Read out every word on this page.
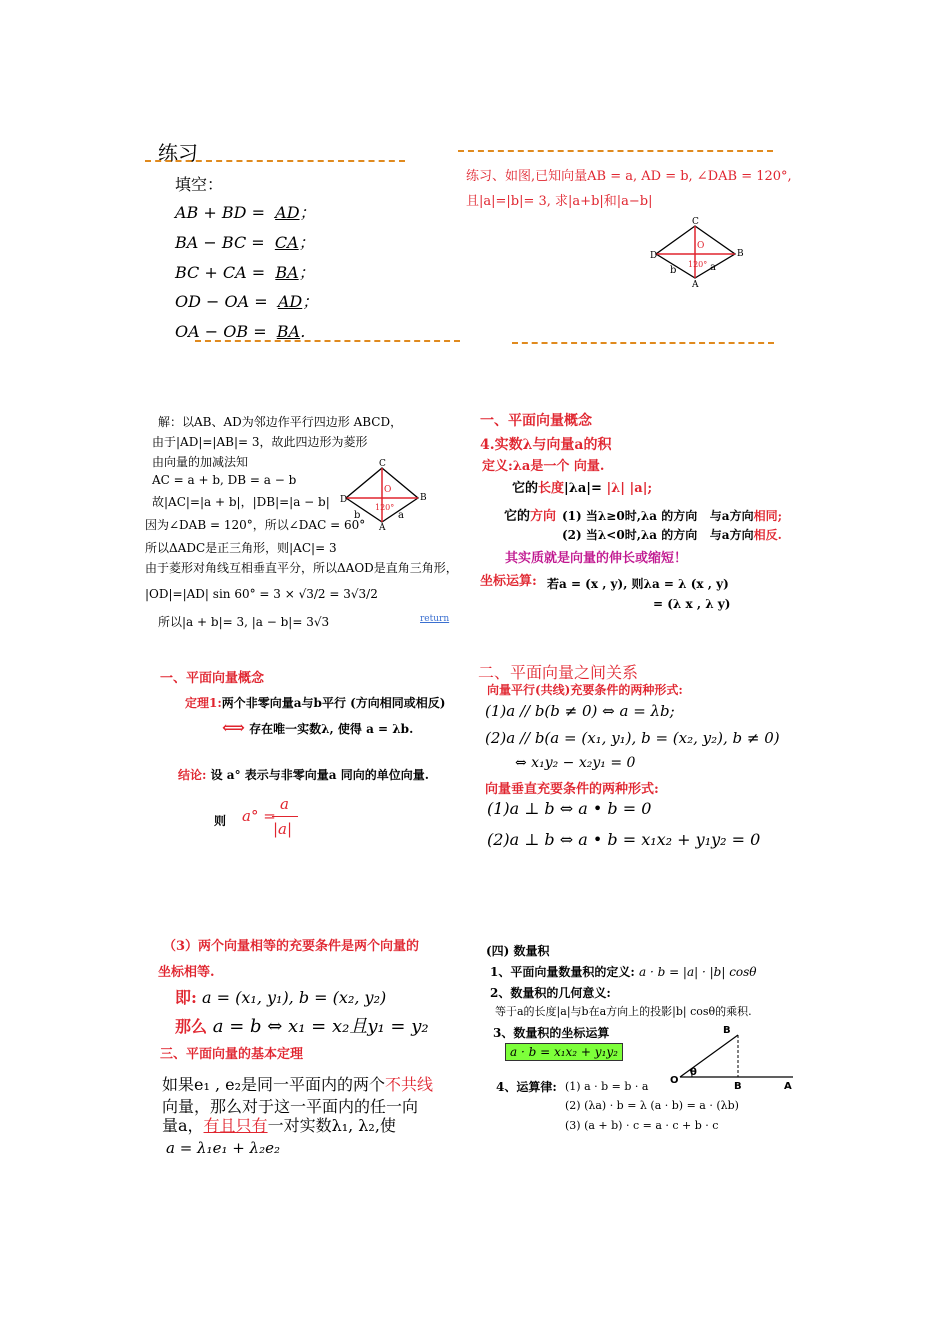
练习
填空：
AB + BD = AD；
BA − BC = CA；
BC + CA = BA；
OD − OA = AD；
OA − OB = BA．
练习、如图,已知向量AB = a, AD = b, ∠DAB = 120°,
且|a|=|b|= 3, 求|a+b|和|a−b|
C
D	B
A
O
120° a
b
解：以AB、AD为邻边作平行四边形 ABCD，
由于|AD|=|AB|= 3，故此四边形为菱形
由向量的加减法知
AC = a + b, DB = a − b
故|AC|=|a + b|，|DB|=|a − b|
因为∠DAB = 120°，所以∠DAC = 60°
所以ΔADC是正三角形，则|AC|= 3
由于菱形对角线互相垂直平分，所以ΔAOD是直角三角形，
|OD|=|AD| sin 60° = 3 × √3/2 = 3√3/2
所以|a + b|= 3, |a − b|= 3√3	return
C
D	B
A
O
120°
a
b
一、平面向量概念
4.实数λ与向量a的积
定义:λa是一个 向量.
它的长度|λa|= |λ| |a|;
它的方向 (1) 当λ≥0时,λa 的方向 与a方向相同;
(2) 当λ<0时,λa 的方向 与a方向相反.
其实质就是向量的伸长或缩短！
坐标运算: 若a = (x , y), 则λa = λ (x , y)
= (λ x , λ y)
一、平面向量概念
定理1:两个非零向量a与b平行 (方向相同或相反)
⟺ 存在唯一实数λ, 使得 a = λb.
结论: 设 a° 表示与非零向量a 同向的单位向量.
则 a° =
a
|a|
二、平面向量之间关系
向量平行(共线)充要条件的两种形式:
(1)a // b(b ≠ 0) ⇔ a = λb;
(2)a // b(a = (x₁, y₁), b = (x₂, y₂), b ≠ 0)
⇔ x₁y₂ − x₂y₁ = 0
向量垂直充要条件的两种形式:
(1)a ⊥ b ⇔ a • b = 0
(2)a ⊥ b ⇔ a • b = x₁x₂ + y₁y₂ = 0
（3）两个向量相等的充要条件是两个向量的
坐标相等.
即: a = (x₁, y₁), b = (x₂, y₂)
那么 a = b ⇔ x₁ = x₂且y₁ = y₂
三、平面向量的基本定理
如果e₁ , e₂是同一平面内的两个不共线
向量，那么对于这一平面内的任一向
量a，有且只有一对实数λ₁, λ₂,使
a = λ₁e₁ + λ₂e₂
(四) 数量积
1、平面向量数量积的定义: a · b = |a| · |b| cosθ
2、数量积的几何意义:
等于a的长度|a|与b在a方向上的投影|b| cosθ的乘积.
3、数量积的坐标运算
a · b = x₁x₂ + y₁y₂
4、运算律: (1) a · b = b · a
(2) (λa) · b = λ (a · b) = a · (λb)
(3) (a + b) · c = a · c + b · c
B
O
θ
B	A
